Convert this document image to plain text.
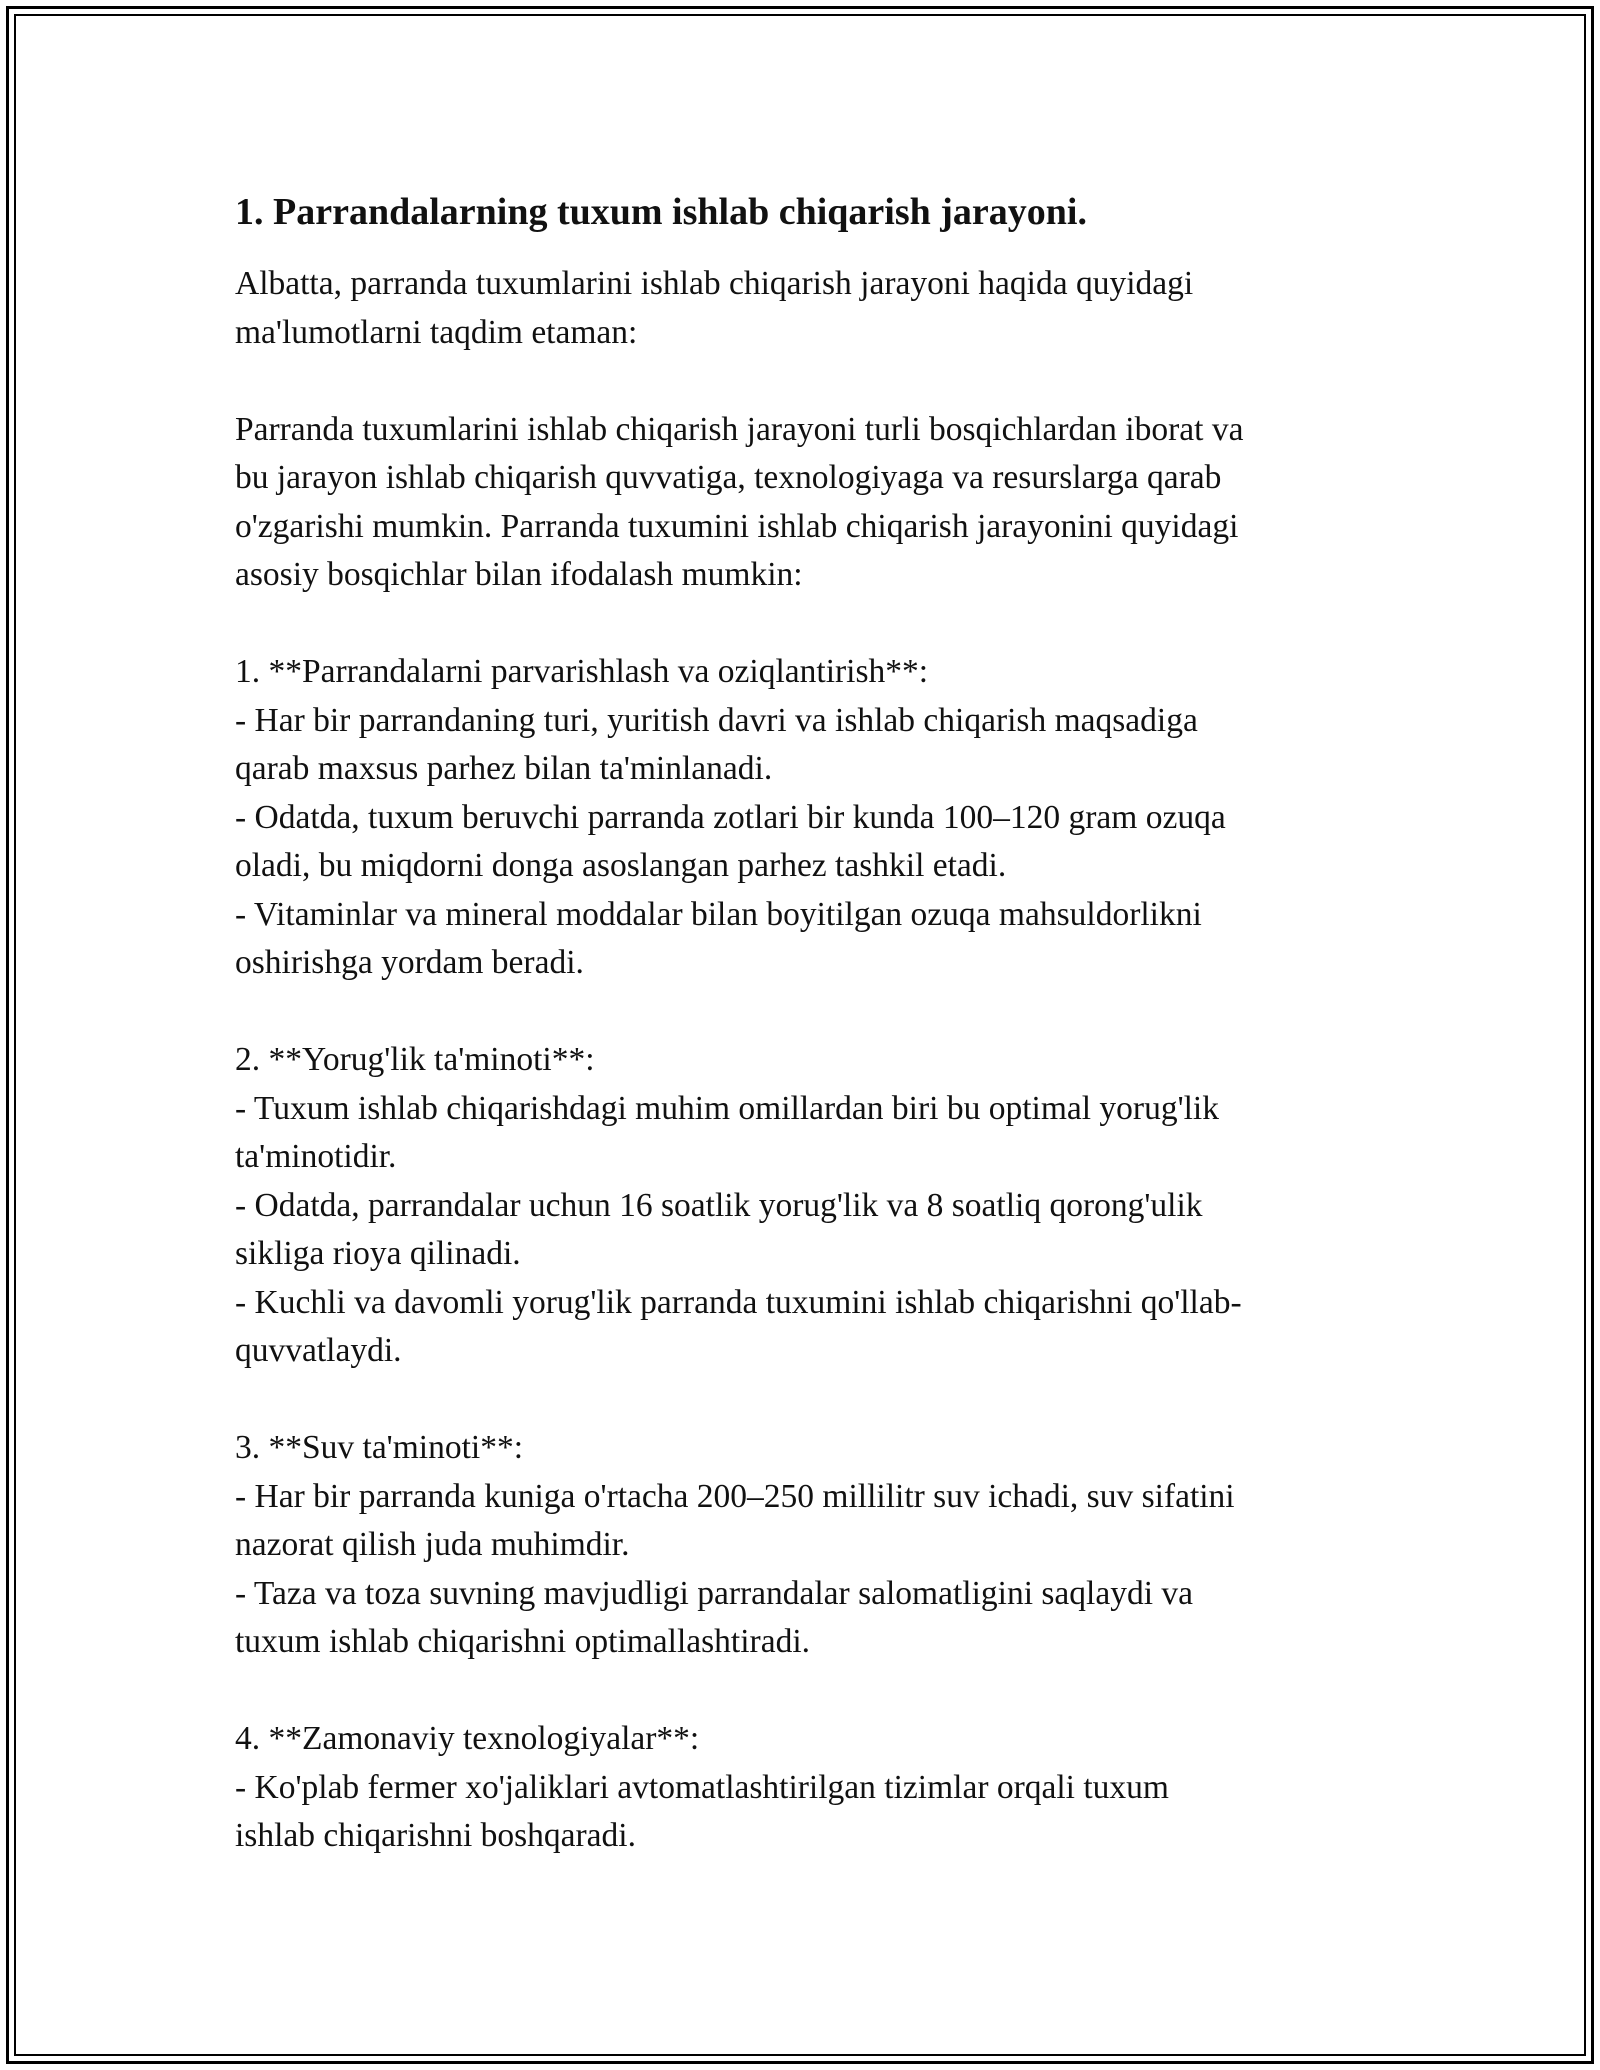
1. Parrandalarning tuxum ishlab chiqarish jarayoni.

Albatta, parranda tuxumlarini ishlab chiqarish jarayoni haqida quyidagi
ma'lumotlarni taqdim etaman:

Parranda tuxumlarini ishlab chiqarish jarayoni turli bosqichlardan iborat va
bu jarayon ishlab chiqarish quvvatiga, texnologiyaga va resurslarga qarab
o'zgarishi mumkin. Parranda tuxumini ishlab chiqarish jarayonini quyidagi
asosiy bosqichlar bilan ifodalash mumkin:

1. **Parrandalarni parvarishlash va oziqlantirish**:
- Har bir parrandaning turi, yuritish davri va ishlab chiqarish maqsadiga
qarab maxsus parhez bilan ta'minlanadi.
- Odatda, tuxum beruvchi parranda zotlari bir kunda 100–120 gram ozuqa
oladi, bu miqdorni donga asoslangan parhez tashkil etadi.
- Vitaminlar va mineral moddalar bilan boyitilgan ozuqa mahsuldorlikni
oshirishga yordam beradi.

2. **Yorug'lik ta'minoti**:
- Tuxum ishlab chiqarishdagi muhim omillardan biri bu optimal yorug'lik
ta'minotidir.
- Odatda, parrandalar uchun 16 soatlik yorug'lik va 8 soatliq qorong'ulik
sikliga rioya qilinadi.
- Kuchli va davomli yorug'lik parranda tuxumini ishlab chiqarishni qo'llab-
quvvatlaydi.

3. **Suv ta'minoti**:
- Har bir parranda kuniga o'rtacha 200–250 millilitr suv ichadi, suv sifatini
nazorat qilish juda muhimdir.
- Taza va toza suvning mavjudligi parrandalar salomatligini saqlaydi va
tuxum ishlab chiqarishni optimallashtiradi.

4. **Zamonaviy texnologiyalar**:
- Ko'plab fermer xo'jaliklari avtomatlashtirilgan tizimlar orqali tuxum
ishlab chiqarishni boshqaradi.
